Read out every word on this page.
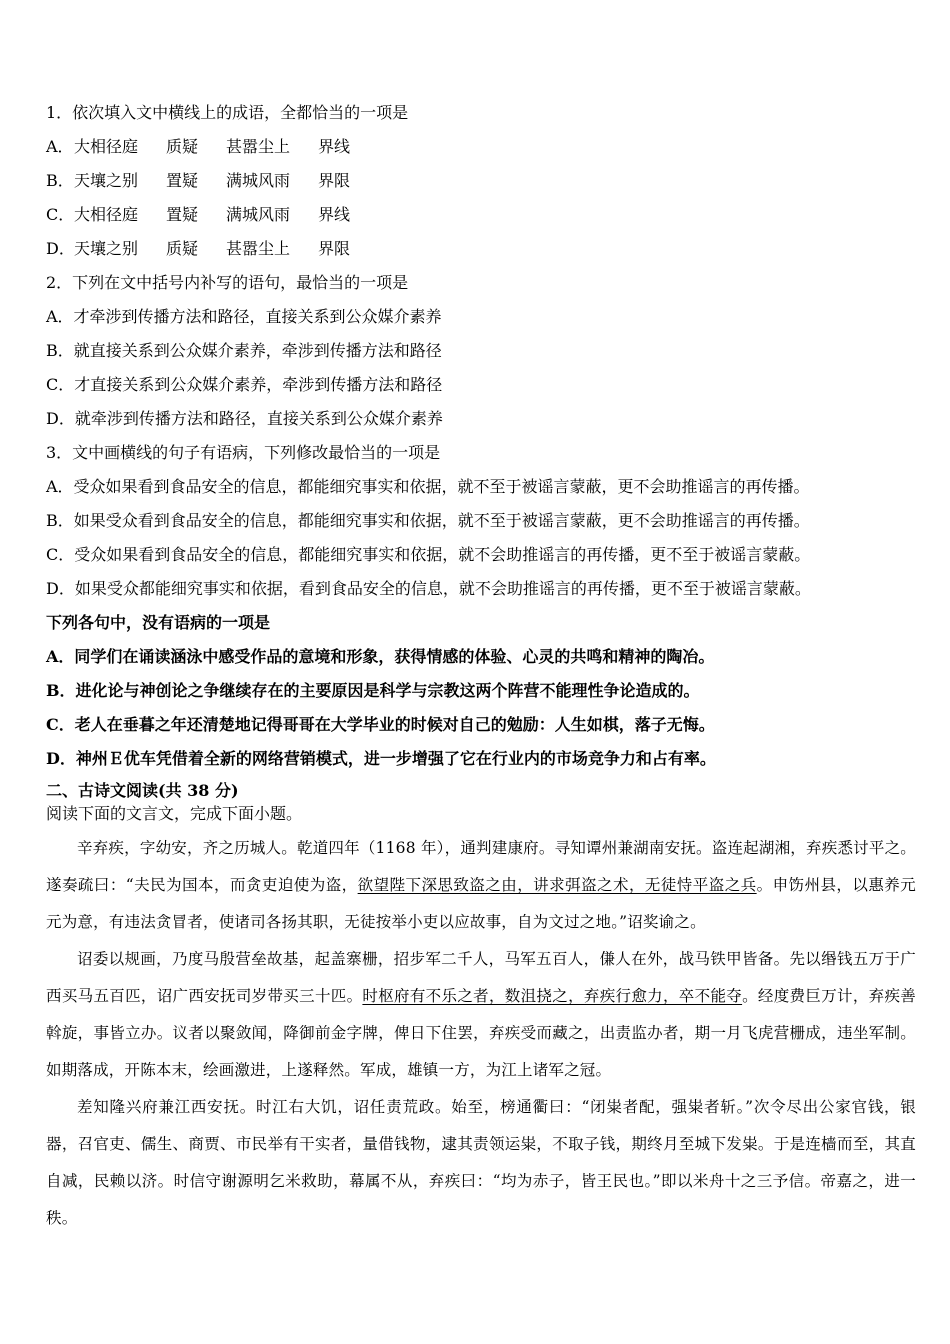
1．依次填入文中横线上的成语，全都恰当的一项是
A． 大相径庭	质疑	甚嚣尘上	界线
B． 天壤之别	置疑	满城风雨	界限
C． 大相径庭	置疑	满城风雨	界线
D． 天壤之别	质疑	甚嚣尘上	界限
2．下列在文中括号内补写的语句，最恰当的一项是
A．才牵涉到传播方法和路径，直接关系到公众媒介素养
B．就直接关系到公众媒介素养，牵涉到传播方法和路径
C．才直接关系到公众媒介素养，牵涉到传播方法和路径
D．就牵涉到传播方法和路径，直接关系到公众媒介素养
3．文中画横线的句子有语病，下列修改最恰当的一项是
A．受众如果看到食品安全的信息，都能细究事实和依据，就不至于被谣言蒙蔽，更不会助推谣言的再传播。
B．如果受众看到食品安全的信息，都能细究事实和依据，就不至于被谣言蒙蔽，更不会助推谣言的再传播。
C．受众如果看到食品安全的信息，都能细究事实和依据，就不会助推谣言的再传播，更不至于被谣言蒙蔽。
D．如果受众都能细究事实和依据，看到食品安全的信息，就不会助推谣言的再传播，更不至于被谣言蒙蔽。
下列各句中，没有语病的一项是
A．同学们在诵读涵泳中感受作品的意境和形象，获得情感的体验、心灵的共鸣和精神的陶冶。
B．进化论与神创论之争继续存在的主要原因是科学与宗教这两个阵营不能理性争论造成的。
C．老人在垂暮之年还清楚地记得哥哥在大学毕业的时候对自己的勉励：人生如棋，落子无悔。
D．神州Ｅ优车凭借着全新的网络营销模式，进一步增强了它在行业内的市场竞争力和占有率。
二、古诗文阅读(共 38 分)
阅读下面的文言文，完成下面小题。
辛弃疾，字幼安，齐之历城人。乾道四年（1168 年），通判建康府。寻知谭州兼湖南安抚。盗连起湖湘，弃疾悉讨平之。遂奏疏曰：“夫民为国本，而贪吏迫使为盗，欲望陛下深思致盗之由，讲求弭盗之术，无徒恃平盗之兵。申饬州县，以惠养元元为意，有违法贪冒者，使诸司各扬其职，无徒按举小吏以应故事，自为文过之地。”诏奖谕之。
诏委以规画，乃度马殷营垒故基，起盖寨栅，招步军二千人，马军五百人，傔人在外，战马铁甲皆备。先以缗钱五万于广西买马五百匹，诏广西安抚司岁带买三十匹。时枢府有不乐之者，数沮挠之，弃疾行愈力，卒不能夺。经度费巨万计，弃疾善斡旋，事皆立办。议者以聚敛闻，降御前金字牌，俾日下住罢，弃疾受而藏之，出责监办者，期一月飞虎营栅成，违坐军制。如期落成，开陈本末，绘画激进，上遂释然。军成，雄镇一方，为江上诸军之冠。
差知隆兴府兼江西安抚。时江右大饥，诏任责荒政。始至，榜通衢曰：“闭粜者配，强粜者斩。”次令尽出公家官钱，银器，召官吏、儒生、商贾、市民举有干实者，量借钱物，逮其责领运粜，不取子钱，期终月至城下发粜。于是连樯而至，其直自减，民赖以济。时信守谢源明乞米救助，幕属不从，弃疾曰：“均为赤子，皆王民也。”即以米舟十之三予信。帝嘉之，进一秩。
